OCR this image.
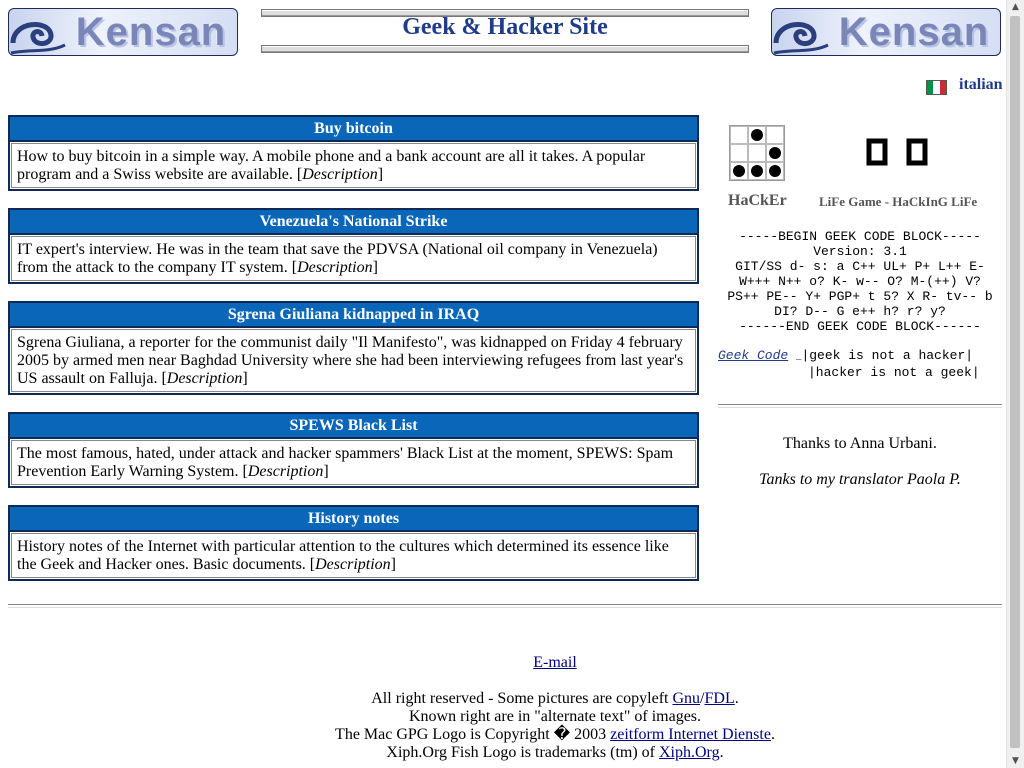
Kensan	Kensan
Geek & Hacker Site
italian
Buy bitcoin
How to buy bitcoin in a simple way. A mobile phone and a bank account are all it takes. A popular program and a Swiss website are available. [Description]
Venezuela's National Strike
IT expert's interview. He was in the team that save the PDVSA (National oil company in Venezuela) from the attack to the company IT system. [Description]
Sgrena Giuliana kidnapped in IRAQ
Sgrena Giuliana, a reporter for the communist daily "Il Manifesto", was kidnapped on Friday 4 february 2005 by armed men near Baghdad University where she had been interviewing refugees from last year's US assault on Falluja. [Description]
SPEWS Black List
The most famous, hated, under attack and hacker spammers' Black List at the moment, SPEWS: Spam Prevention Early Warning System. [Description]
History notes
History notes of the Internet with particular attention to the cultures which determined its essence like the Geek and Hacker ones. Basic documents. [Description]
HaCkEr LiFe Game - HaCkInG LiFe
-----BEGIN GEEK CODE BLOCK-----
Version: 3.1
GIT/SS d- s: a C++ UL+ P+ L++ E-
W+++ N++ o? K- w-- O? M-(++) V?
PS++ PE-- Y+ PGP+ t 5? X R- tv-- b
DI? D-- G e++ h? r? y?
------END GEEK CODE BLOCK------
Geek Code _|geek is not a hacker|
|hacker is not a geek|
Thanks to Anna Urbani.
Tanks to my translator Paola P.
E-mail
All right reserved - Some pictures are copyleft Gnu/FDL.
Known right are in "alternate text" of images.
The Mac GPG Logo is Copyright � 2003 zeitform Internet Dienste.
Xiph.Org Fish Logo is trademarks (tm) of Xiph.Org.
▲
▼
